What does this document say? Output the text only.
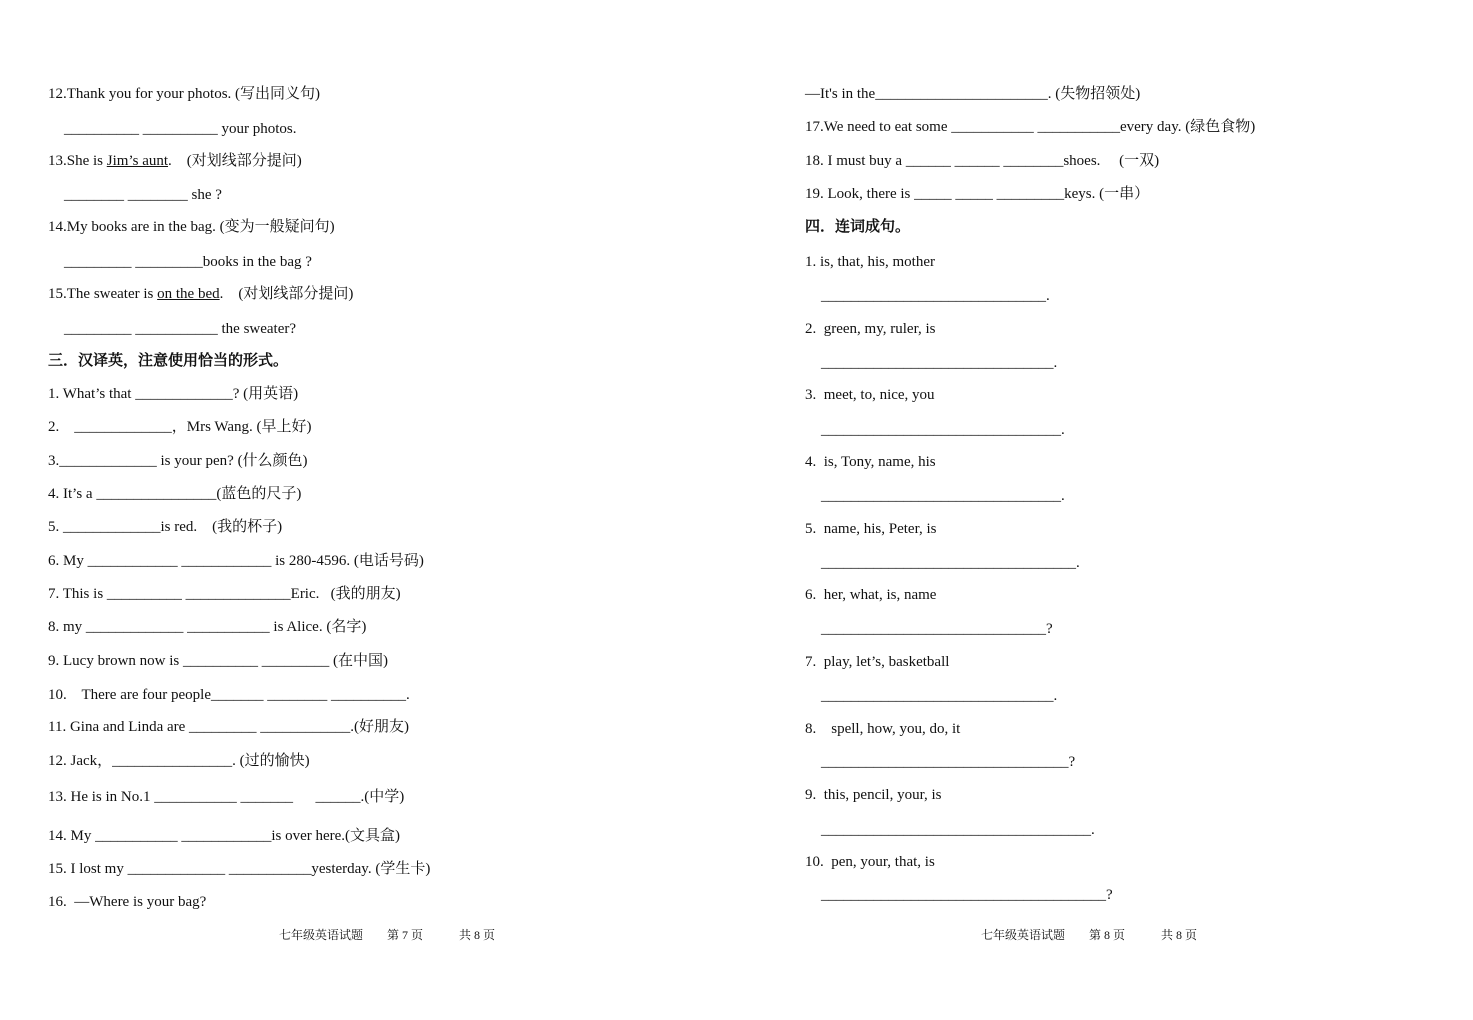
12.Thank you for your photos. (写出同义句)
__________ __________ your photos.
13.She is Jim’s aunt.    (对划线部分提问)
________ ________ she ?
14.My books are in the bag. (变为一般疑问句)
_________ _________books in the bag ?
15.The sweater is on the bed.    (对划线部分提问)
_________ ___________ the sweater?
三．汉译英，注意使用恰当的形式。
1. What’s that _____________? (用英语)
2.    _____________，Mrs Wang. (早上好)
3._____________ is your pen? (什么颜色)
4. It’s a ________________(蓝色的尺子)
5. _____________is red.    (我的杯子)
6. My ____________ ____________ is 280-4596. (电话号码)
7. This is __________ ______________Eric.   (我的朋友)
8. my _____________ ___________ is Alice. (名字)
9. Lucy brown now is __________ _________ (在中国)
10.    There are four people_______ ________ __________.
11. Gina and Linda are _________ ____________.(好朋友)
12. Jack，________________. (过的愉快)
13. He is in No.1 ___________ _______      ______.(中学)
14. My ___________ ____________is over here.(文具盒)
15. I lost my _____________ ___________yesterday. (学生卡)
16.  —Where is your bag?
—It's in the_______________________. (失物招领处)
17.We need to eat some ___________ ___________every day. (绿色食物)
18. I must buy a ______ ______ ________shoes.     (一双)
19. Look, there is _____ _____ _________keys. (一串）
四．连词成句。
1. is, that, his, mother
______________________________.
2.  green, my, ruler, is
_______________________________.
3.  meet, to, nice, you
________________________________.
4.  is, Tony, name, his
________________________________.
5.  name, his, Peter, is
__________________________________.
6.  her, what, is, name
______________________________?
7.  play, let’s, basketball
_______________________________.
8.    spell, how, you, do, it
_________________________________?
9.  this, pencil, your, is
____________________________________.
10.  pen, your, that, is
______________________________________?
七年级英语试题        第 7 页            共 8 页	七年级英语试题        第 8 页            共 8 页
